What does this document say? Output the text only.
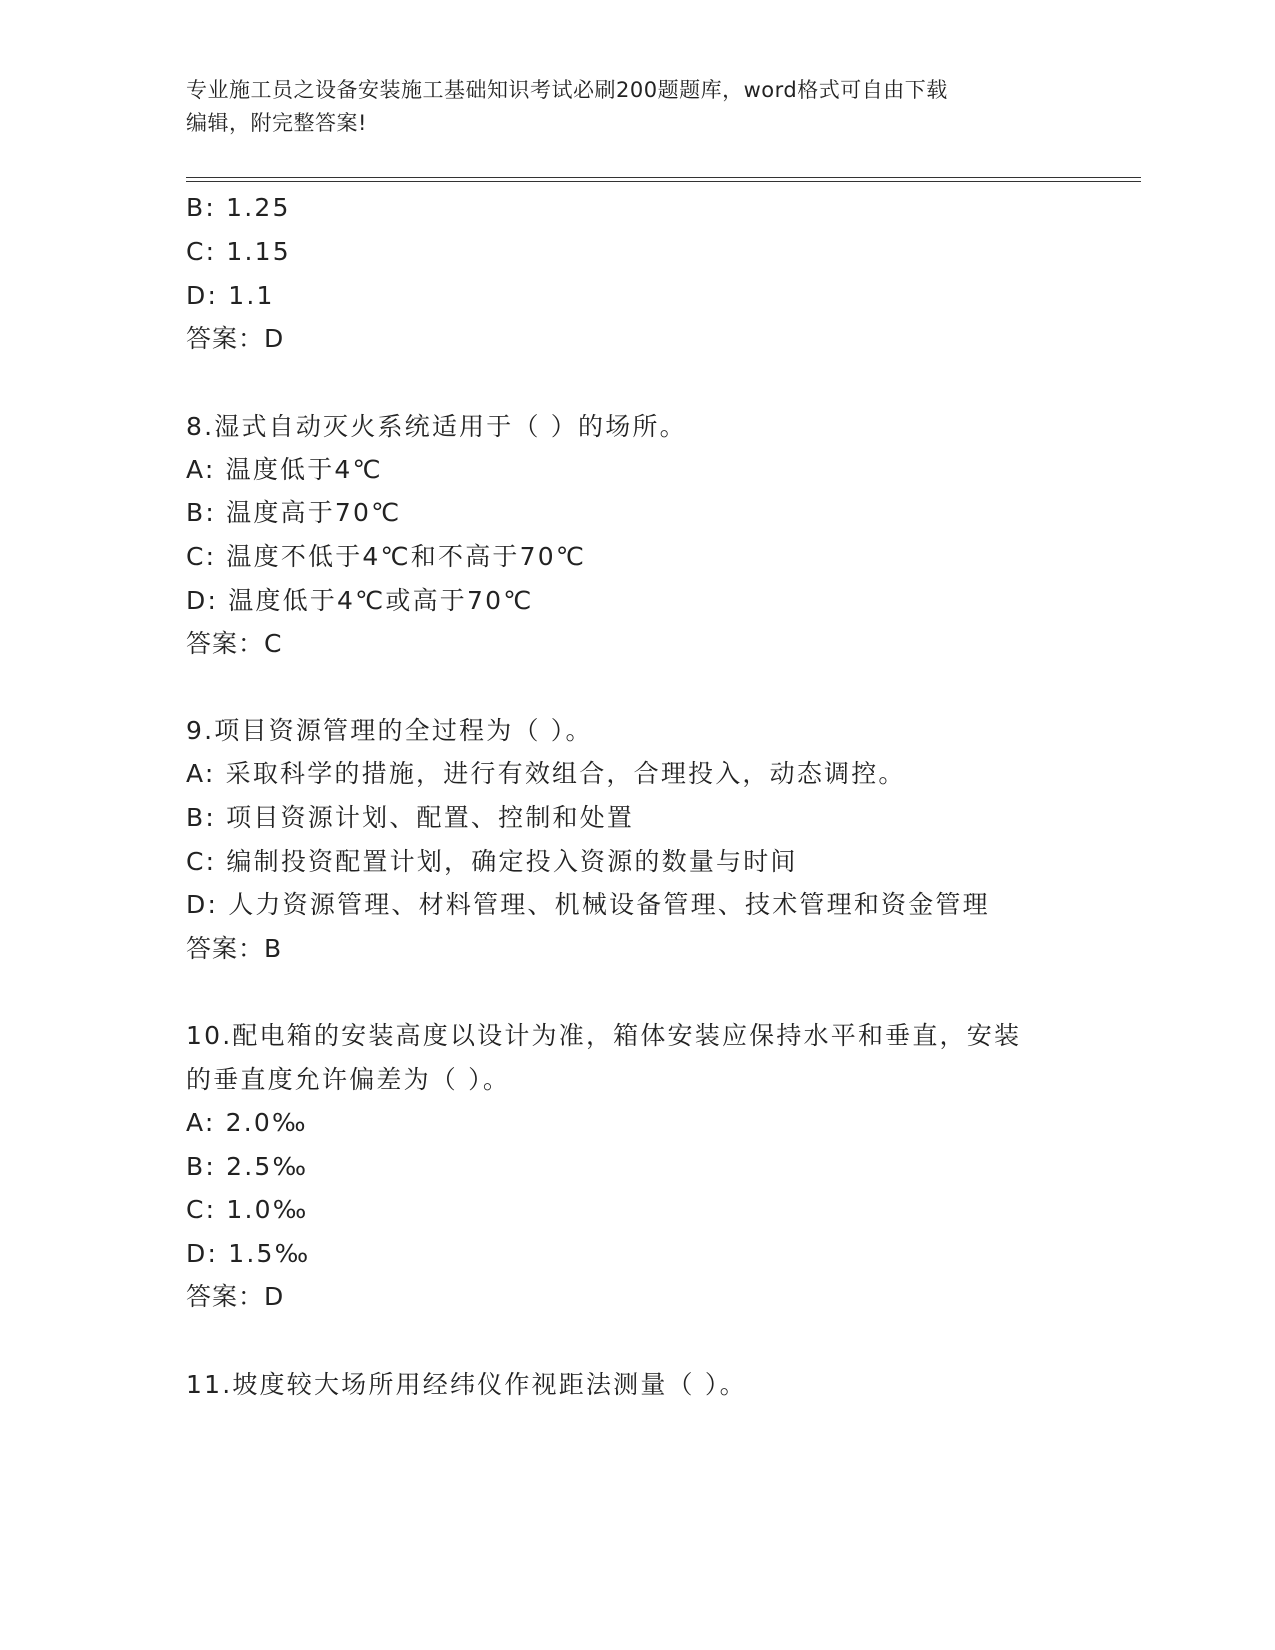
专业施工员之设备安装施工基础知识考试必刷200题题库，word格式可自由下载
编辑，附完整答案!
B: 1.25
C: 1.15
D: 1.1
答案：D
8.湿式自动灭火系统适用于（ ）的场所。
A: 温度低于4℃
B: 温度高于70℃
C: 温度不低于4℃和不高于70℃
D: 温度低于4℃或高于70℃
答案：C
9.项目资源管理的全过程为（ ）。
A: 采取科学的措施，进行有效组合，合理投入，动态调控。
B: 项目资源计划、配置、控制和处置
C: 编制投资配置计划，确定投入资源的数量与时间
D: 人力资源管理、材料管理、机械设备管理、技术管理和资金管理
答案：B
10.配电箱的安装高度以设计为准，箱体安装应保持水平和垂直，安装
的垂直度允许偏差为（ ）。
A: 2.0‰
B: 2.5‰
C: 1.0‰
D: 1.5‰
答案：D
11.坡度较大场所用经纬仪作视距法测量（ ）。
